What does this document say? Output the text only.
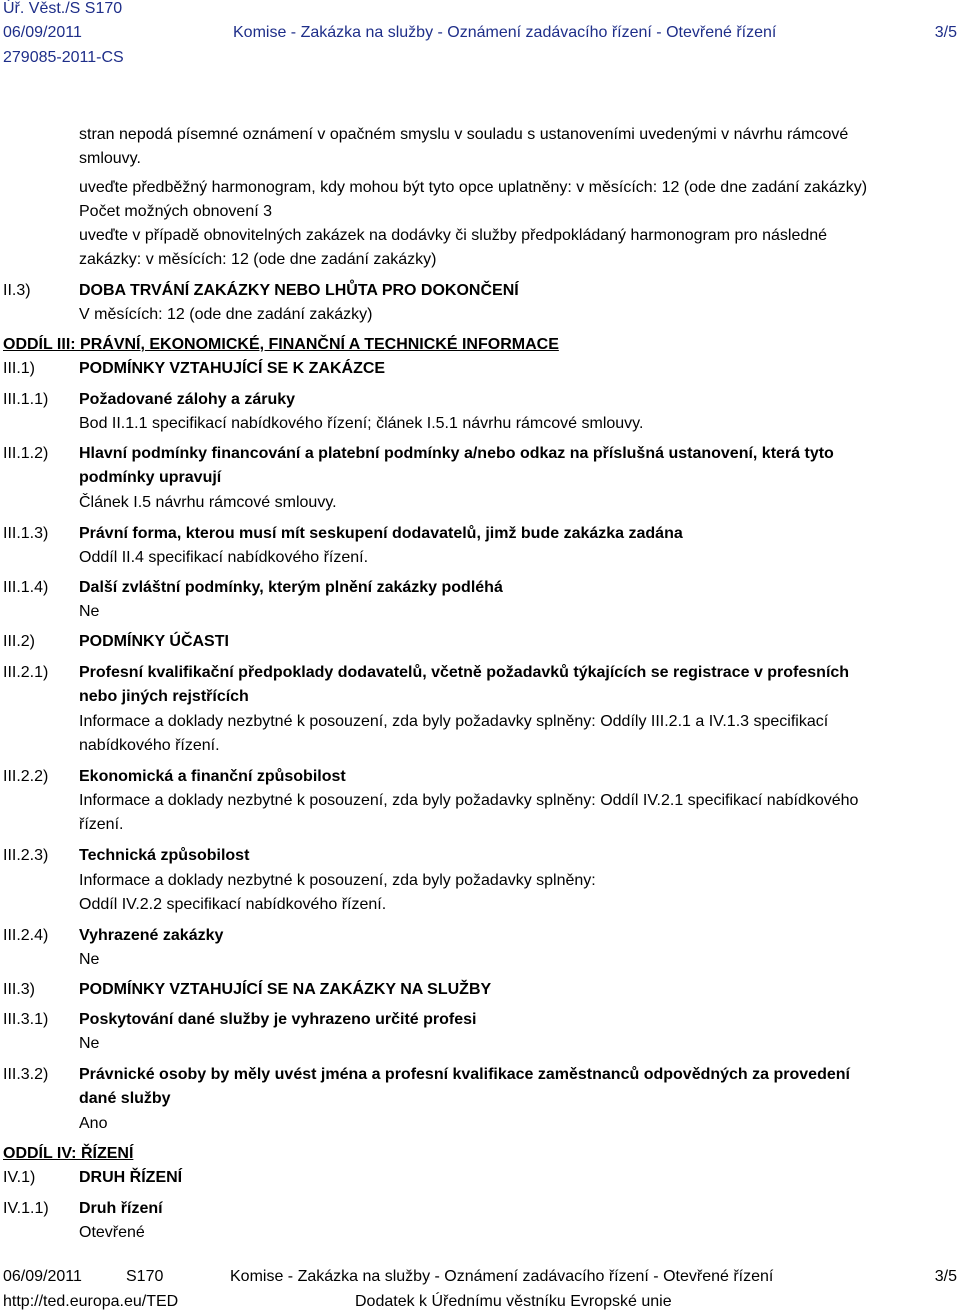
Úř. Věst./S S170
06/09/2011	Komise - Zakázka na služby - Oznámení zadávacího řízení - Otevřené řízení	3/5
279085-2011-CS
stran nepodá písemné oznámení v opačném smyslu v souladu s ustanoveními uvedenými v návrhu rámcové
smlouvy.
uveďte předběžný harmonogram, kdy mohou být tyto opce uplatněny: v měsících: 12 (ode dne zadání zakázky)
Počet možných obnovení 3
uveďte v případě obnovitelných zakázek na dodávky či služby předpokládaný harmonogram pro následné
zakázky: v měsících: 12 (ode dne zadání zakázky)
II.3)	DOBA TRVÁNÍ ZAKÁZKY NEBO LHŮTA PRO DOKONČENÍ
V měsících: 12 (ode dne zadání zakázky)
ODDÍL III: PRÁVNÍ, EKONOMICKÉ, FINANČNÍ A TECHNICKÉ INFORMACE
III.1)	PODMÍNKY VZTAHUJÍCÍ SE K ZAKÁZCE
III.1.1) Požadované zálohy a záruky
Bod II.1.1 specifikací nabídkového řízení; článek I.5.1 návrhu rámcové smlouvy.
III.1.2) Hlavní podmínky financování a platební podmínky a/nebo odkaz na příslušná ustanovení, která tyto
podmínky upravují
Článek I.5 návrhu rámcové smlouvy.
III.1.3) Právní forma, kterou musí mít seskupení dodavatelů, jimž bude zakázka zadána
Oddíl II.4 specifikací nabídkového řízení.
III.1.4) Další zvláštní podmínky, kterým plnění zakázky podléhá
Ne
III.2)	PODMÍNKY ÚČASTI
III.2.1) Profesní kvalifikační předpoklady dodavatelů, včetně požadavků týkajících se registrace v profesních
nebo jiných rejstřících
Informace a doklady nezbytné k posouzení, zda byly požadavky splněny: Oddíly III.2.1 a IV.1.3 specifikací
nabídkového řízení.
III.2.2) Ekonomická a finanční způsobilost
Informace a doklady nezbytné k posouzení, zda byly požadavky splněny: Oddíl IV.2.1 specifikací nabídkového
řízení.
III.2.3) Technická způsobilost
Informace a doklady nezbytné k posouzení, zda byly požadavky splněny:
Oddíl IV.2.2 specifikací nabídkového řízení.
III.2.4) Vyhrazené zakázky
Ne
III.3)	PODMÍNKY VZTAHUJÍCÍ SE NA ZAKÁZKY NA SLUŽBY
III.3.1) Poskytování dané služby je vyhrazeno určité profesi
Ne
III.3.2) Právnické osoby by měly uvést jména a profesní kvalifikace zaměstnanců odpovědných za provedení
dané služby
Ano
ODDÍL IV: ŘÍZENÍ
IV.1)	DRUH ŘÍZENÍ
IV.1.1) Druh řízení
Otevřené
06/09/2011	S170	Komise - Zakázka na služby - Oznámení zadávacího řízení - Otevřené řízení	3/5
http://ted.europa.eu/TED	Dodatek k Úřednímu věstníku Evropské unie
